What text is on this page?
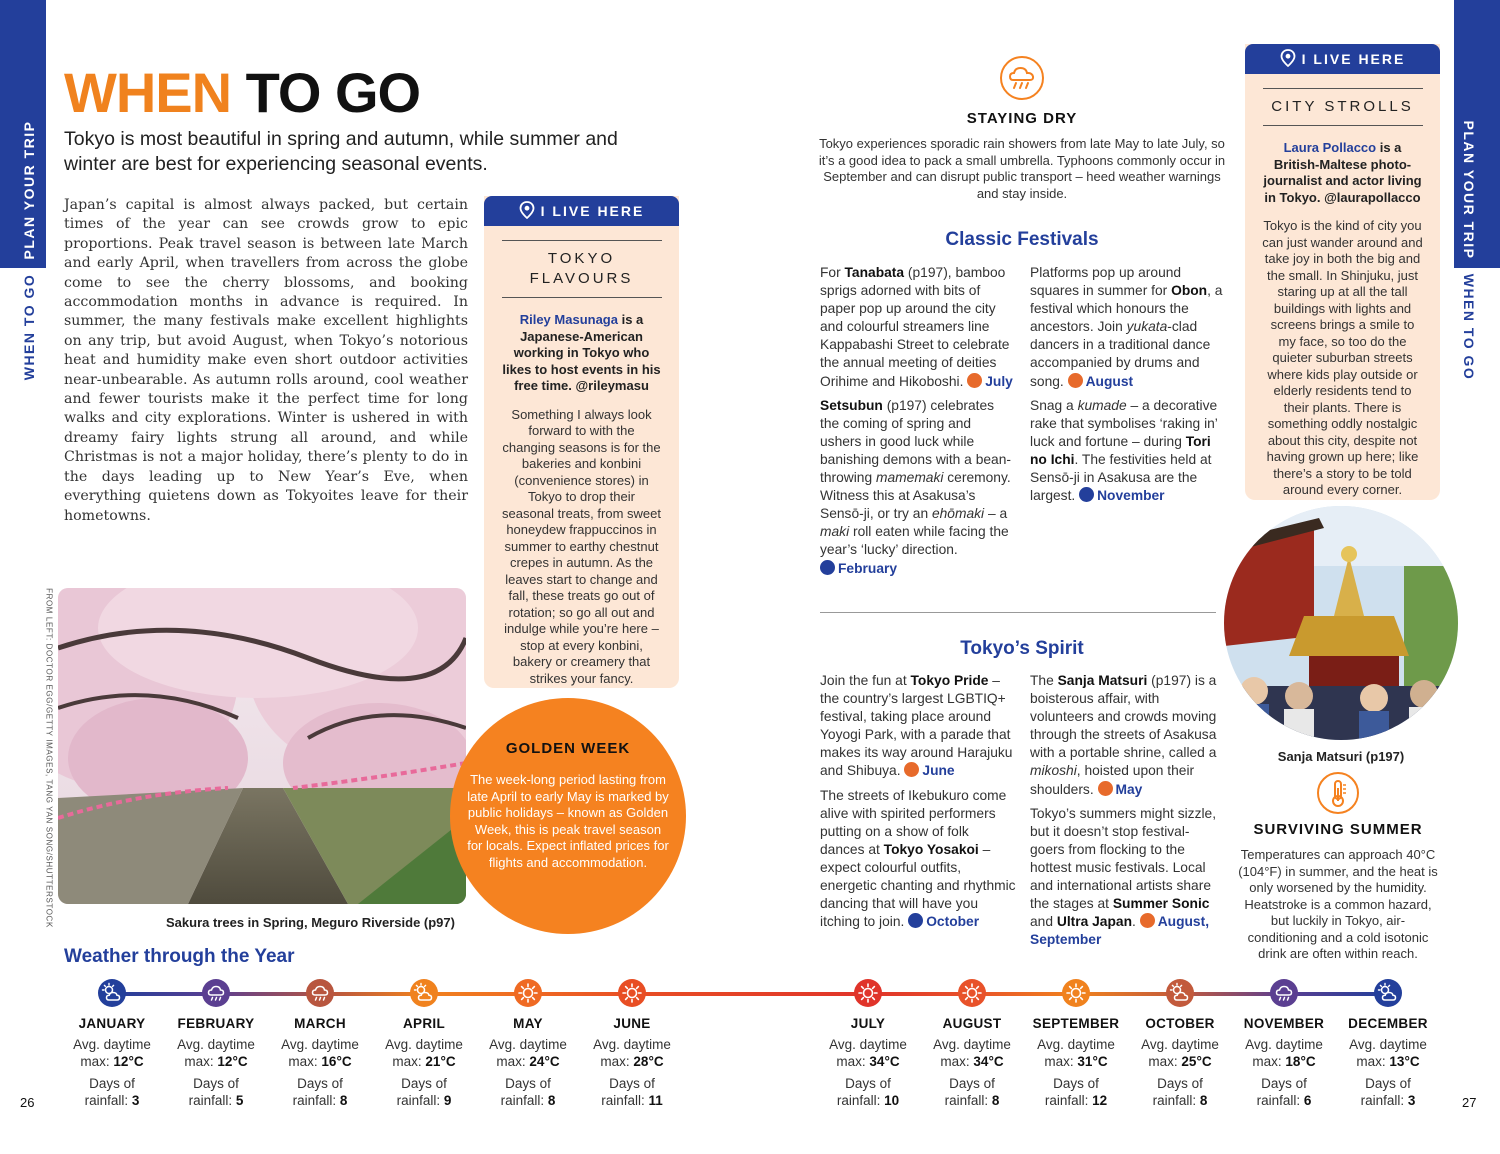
PLAN YOUR TRIP
WHEN TO GO
PLAN YOUR TRIP
WHEN TO GO
WHEN TO GO
Tokyo is most beautiful in spring and autumn, while summer and winter are best for experiencing seasonal events.
Japan’s capital is almost always packed, but certain times of the year can see crowds grow to epic proportions. Peak travel season is between late March and early April, when travellers from across the globe come to see the cherry blossoms, and booking accommodation months in advance is required. In summer, the many festivals make excellent highlights on any trip, but avoid August, when Tokyo’s notorious heat and humidity make even short outdoor activities near-unbearable. As autumn rolls around, cool weather and fewer tourists make it the perfect time for long walks and city explorations. Winter is ushered in with dreamy fairy lights strung all around, and while Christmas is not a major holiday, there’s plenty to do in the days leading up to New Year’s Eve, when everything quietens down as Tokyoites leave for their hometowns.
I LIVE HERE
TOKYO
FLAVOURS
Riley Masunaga is a Japanese-American working in Tokyo who likes to host events in his free time. @rileymasu
Something I always look forward to with the changing seasons is for the bakeries and konbini (convenience stores) in Tokyo to drop their seasonal treats, from sweet honeydew frappuccinos in summer to earthy chestnut crepes in autumn. As the leaves start to change and fall, these treats go out of rotation; so go all out and indulge while you’re here – stop at every konbini, bakery or creamery that strikes your fancy.
Sakura trees in Spring, Meguro Riverside (p97)
FROM LEFT: DOCTOR EGG/GETTY IMAGES, TANG YAN SONG/SHUTTERSTOCK	GOLDEN WEEK
The week-long period lasting from late April to early May is marked by public holidays – known as Golden Week, this is peak travel season for locals. Expect inflated prices for flights and accommodation.
STAYING DRY
Tokyo experiences sporadic rain showers from late May to late July, so it’s a good idea to pack a small umbrella. Typhoons commonly occur in September and can disrupt public transport – heed weather warnings and stay inside.
Classic Festivals

For Tanabata (p197), bamboo sprigs adorned with bits of paper pop up around the city and colourful streamers line Kappabashi Street to celebrate the annual meeting of deities Orihime and Hikoboshi. July

Setsubun (p197) celebrates the coming of spring and ushers in good luck while banishing demons with a bean-throwing mamemaki ceremony. Witness this at Asakusa’s Sensō-ji, or try an ehōmaki – a maki roll eaten while facing the year’s ‘lucky’ direction. February

Platforms pop up around squares in summer for Obon, a festival which honours the ancestors. Join yukata-clad dancers in a traditional dance accompanied by drums and song. August

Snag a kumade – a decorative rake that symbolises ‘raking in’ luck and fortune – during Tori no Ichi. The festivities held at Sensō-ji in Asakusa are the largest. November

Tokyo’s Spirit

Join the fun at Tokyo Pride – the country’s largest LGBTIQ+ festival, taking place around Yoyogi Park, with a parade that makes its way around Harajuku and Shibuya. June

The streets of Ikebukuro come alive with spirited performers putting on a show of folk dances at Tokyo Yosakoi – expect colourful outfits, energetic chanting and rhythmic dancing that will have you itching to join. October

The Sanja Matsuri (p197) is a boisterous affair, with volunteers and crowds moving through the streets of Asakusa with a portable shrine, called a mikoshi, hoisted upon their shoulders. May

Tokyo’s summers might sizzle, but it doesn’t stop festival-goers from flocking to the hottest music festivals. Local and international artists share the stages at Summer Sonic and Ultra Japan. August, September

I LIVE HERE
CITY STROLLS
Laura Pollacco is a British-Maltese photo-journalist and actor living in Tokyo. @laurapollacco
Tokyo is the kind of city you can just wander around and take joy in both the big and the small. In Shinjuku, just staring up at all the tall buildings with lights and screens brings a smile to my face, so too do the quieter suburban streets where kids play outside or elderly residents tend to their plants. There is something oddly nostalgic about this city, despite not having grown up here; like there’s a story to be told around every corner.
Sanja Matsuri (p197)
SURVIVING SUMMER
Temperatures can approach 40°C (104°F) in summer, and the heat is only worsened by the humidity. Heatstroke is a common hazard, but luckily in Tokyo, air-conditioning and a cold isotonic drink are often within reach.
Weather through the Year
JANUARY
Avg. daytime
max: 12°C
Days of
rainfall: 3
FEBRUARY
Avg. daytime
max: 12°C
Days of
rainfall: 5
MARCH
Avg. daytime
max: 16°C
Days of
rainfall: 8
APRIL
Avg. daytime
max: 21°C
Days of
rainfall: 9
MAY
Avg. daytime
max: 24°C
Days of
rainfall: 8
JUNE
Avg. daytime
max: 28°C
Days of
rainfall: 11
JULY
Avg. daytime
max: 34°C
Days of
rainfall: 10
AUGUST
Avg. daytime
max: 34°C
Days of
rainfall: 8
SEPTEMBER
Avg. daytime
max: 31°C
Days of
rainfall: 12
OCTOBER
Avg. daytime
max: 25°C
Days of
rainfall: 8
NOVEMBER
Avg. daytime
max: 18°C
Days of
rainfall: 6
DECEMBER
Avg. daytime
max: 13°C
Days of
rainfall: 3
26	27
